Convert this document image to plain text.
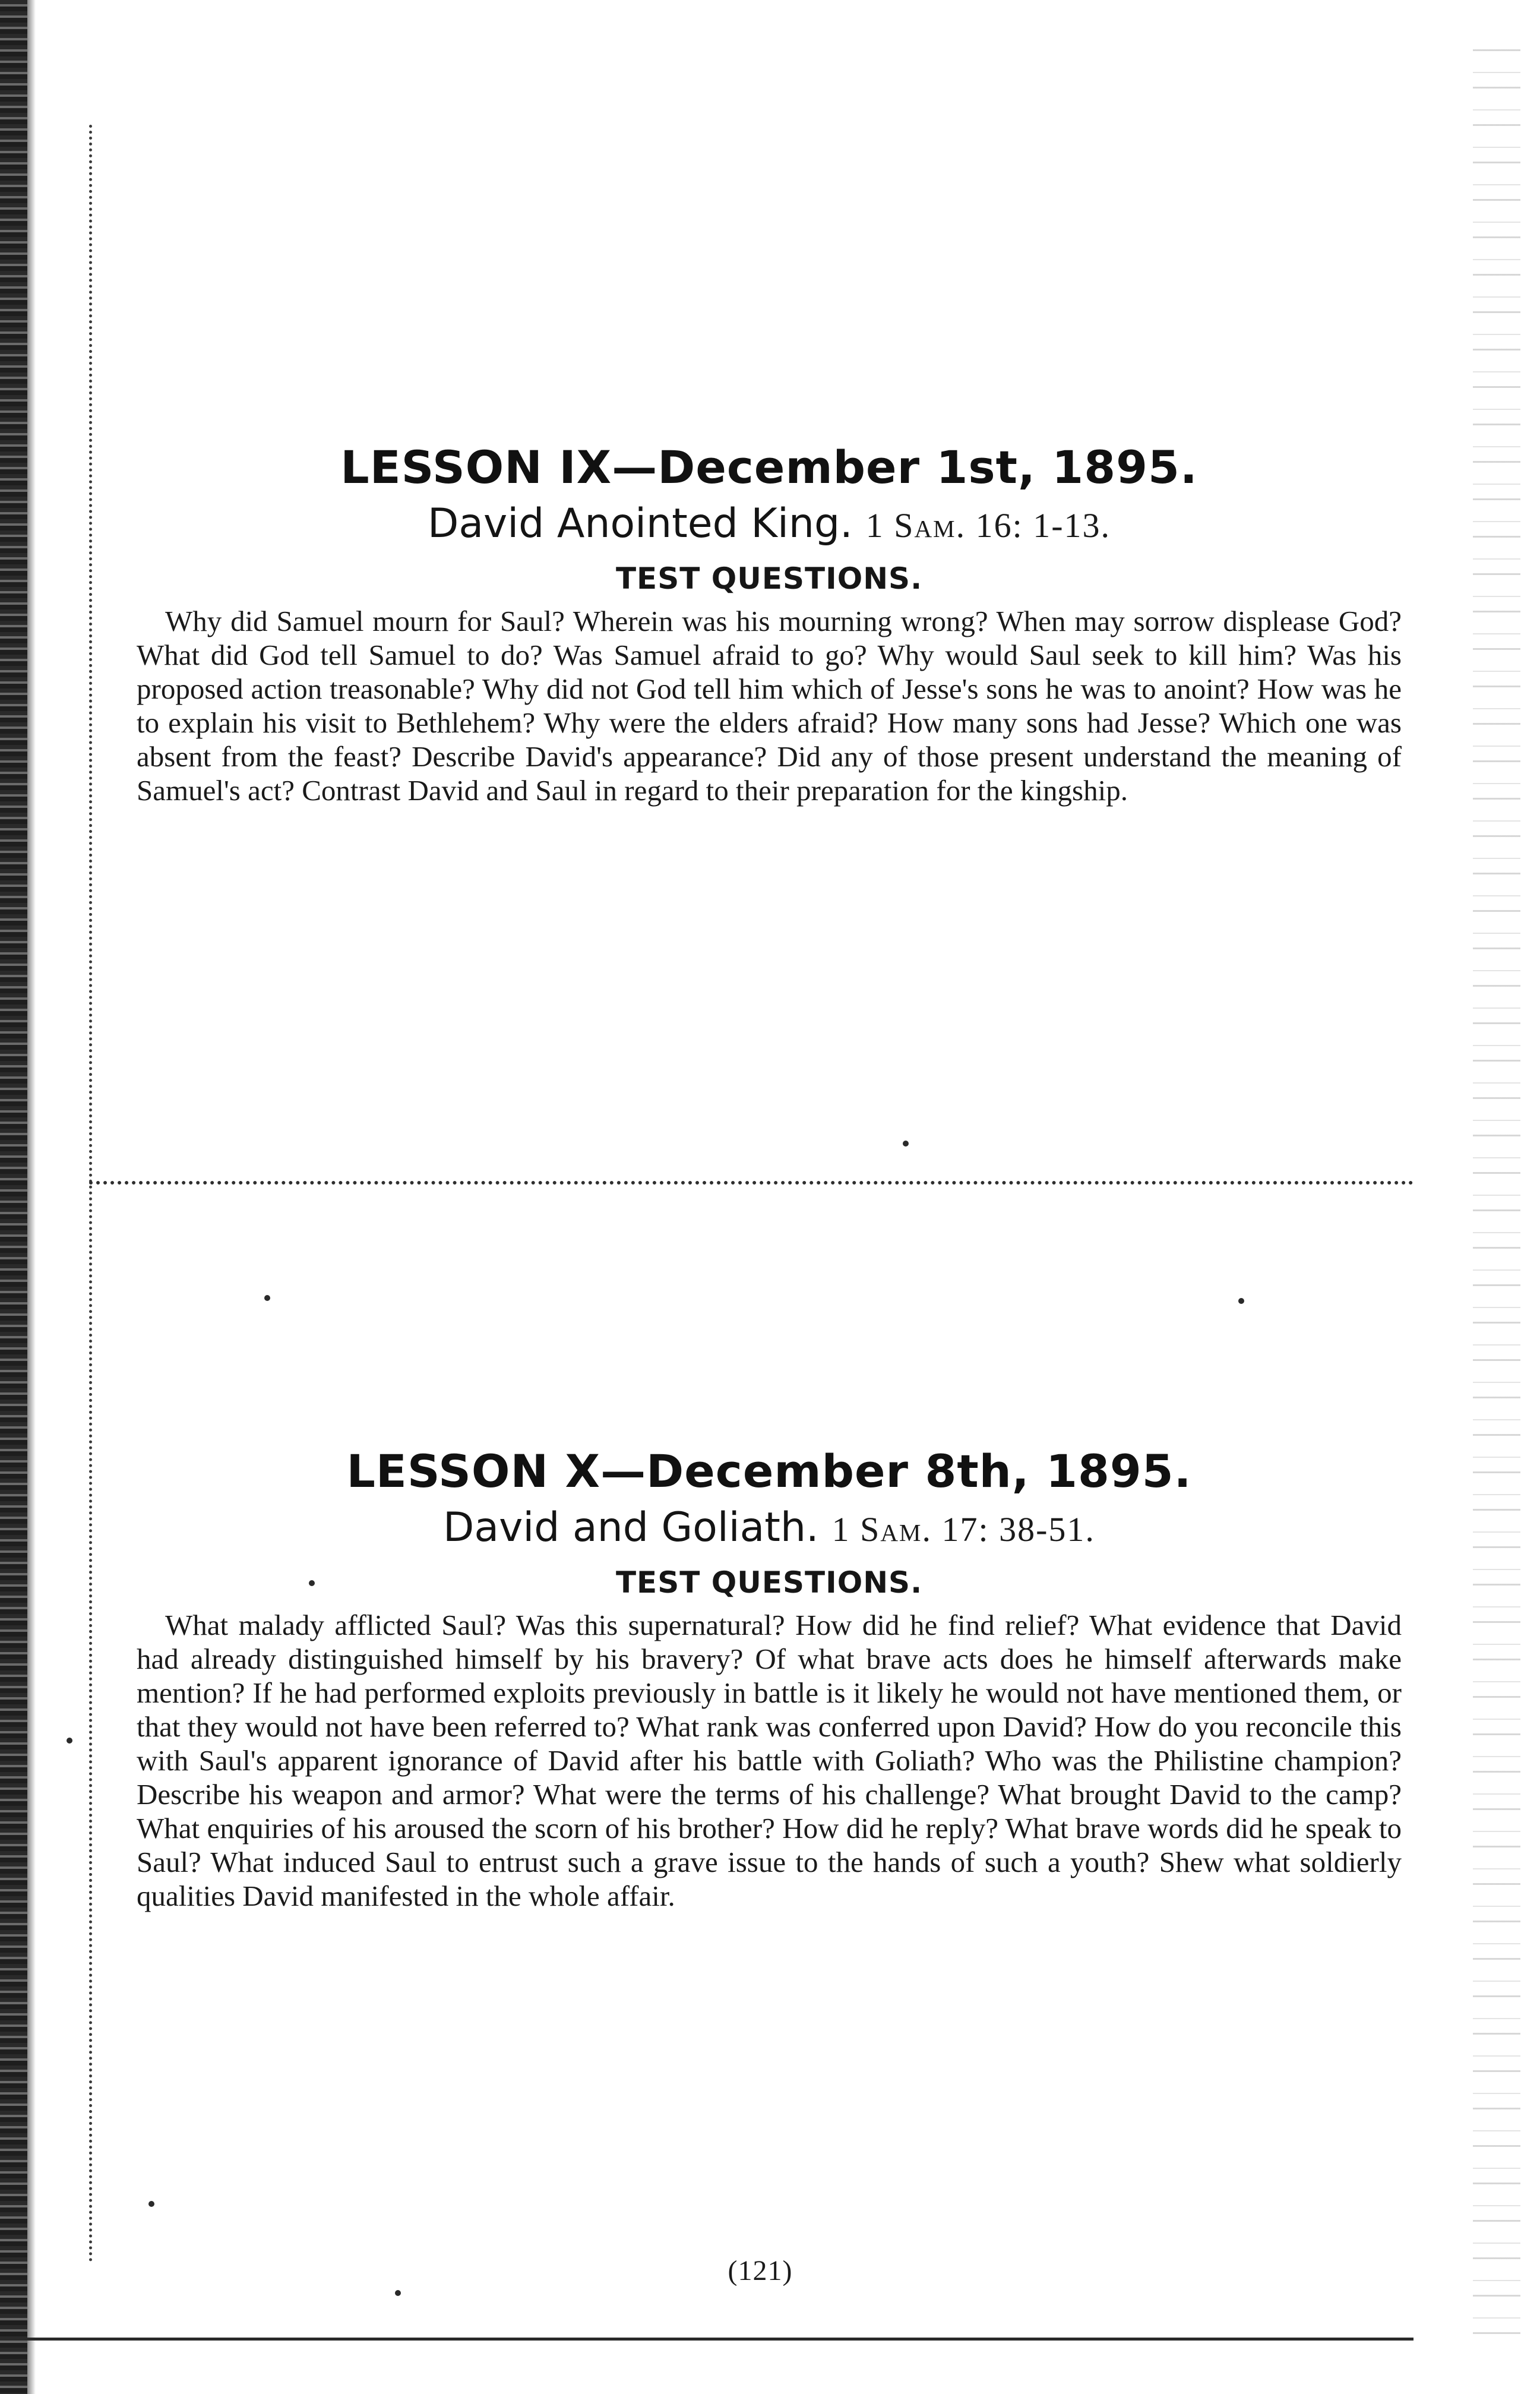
LESSON IX—December 1st, 1895.
David Anointed King. 1 Sam. 16: 1-13.
TEST QUESTIONS.

Why did Samuel mourn for Saul? Wherein was his mourning wrong? When may sorrow displease God? What did God tell Samuel to do? Was Samuel afraid to go? Why would Saul seek to kill him? Was his proposed action treasonable? Why did not God tell him which of Jesse's sons he was to anoint? How was he to explain his visit to Bethlehem? Why were the elders afraid? How many sons had Jesse? Which one was absent from the feast? Describe David's appearance? Did any of those present understand the meaning of Samuel's act? Contrast David and Saul in regard to their preparation for the kingship.

LESSON X—December 8th, 1895.
David and Goliath. 1 Sam. 17: 38-51.
TEST QUESTIONS.

What malady afflicted Saul? Was this supernatural? How did he find relief? What evidence that David had already distinguished himself by his bravery? Of what brave acts does he himself afterwards make mention? If he had performed exploits previously in battle is it likely he would not have mentioned them, or that they would not have been referred to? What rank was conferred upon David? How do you reconcile this with Saul's apparent ignorance of David after his battle with Goliath? Who was the Philistine champion? Describe his weapon and armor? What were the terms of his challenge? What brought David to the camp? What enquiries of his aroused the scorn of his brother? How did he reply? What brave words did he speak to Saul? What induced Saul to entrust such a grave issue to the hands of such a youth? Shew what soldierly qualities David manifested in the whole affair.

(121)
